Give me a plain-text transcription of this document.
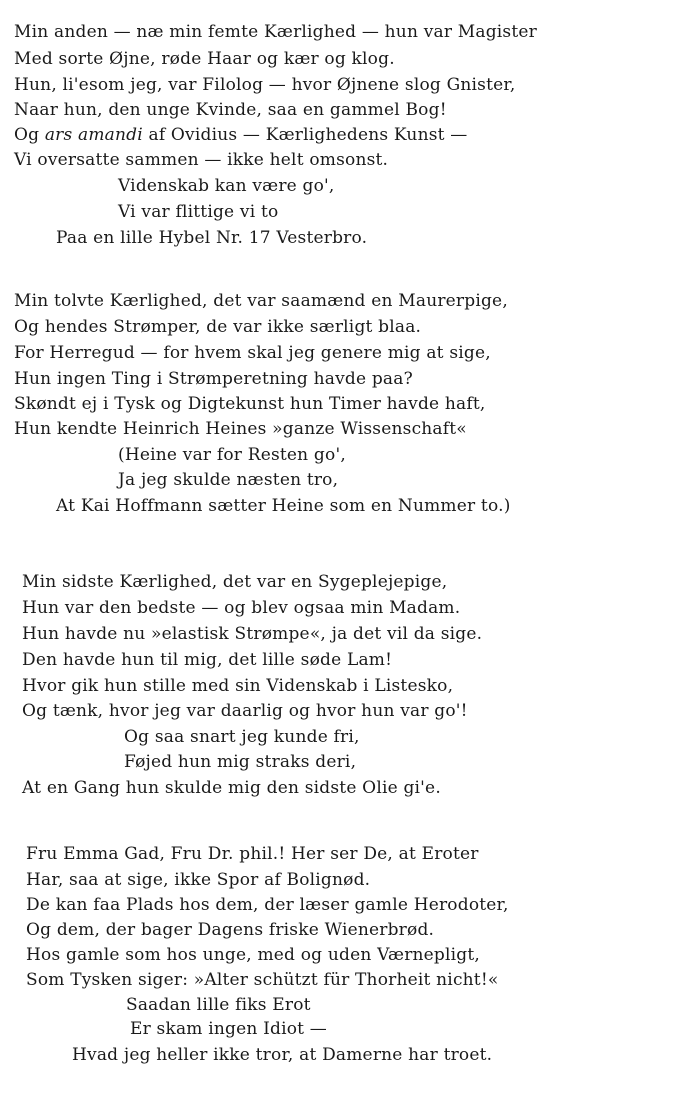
Min anden — næ min femte Kærlighed — hun var Magister
Med sorte Øjne, røde Haar og kær og klog.
Hun, li'esom jeg, var Filolog — hvor Øjnene slog Gnister,
Naar hun, den unge Kvinde, saa en gammel Bog!
Og ars amandi af Ovidius — Kærlighedens Kunst —
Vi oversatte sammen — ikke helt omsonst.
Videnskab kan være go',
Vi var flittige vi to
Paa en lille Hybel Nr. 17 Vesterbro.
Min tolvte Kærlighed, det var saamænd en Maurerpige,
Og hendes Strømper, de var ikke særligt blaa.
For Herregud — for hvem skal jeg genere mig at sige,
Hun ingen Ting i Strømperetning havde paa?
Skøndt ej i Tysk og Digtekunst hun Timer havde haft,
Hun kendte Heinrich Heines »ganze Wissenschaft«
(Heine var for Resten go',
Ja jeg skulde næsten tro,
At Kai Hoffmann sætter Heine som en Nummer to.)
Min sidste Kærlighed, det var en Sygeplejepige,
Hun var den bedste — og blev ogsaa min Madam.
Hun havde nu »elastisk Strømpe«, ja det vil da sige.
Den havde hun til mig, det lille søde Lam!
Hvor gik hun stille med sin Videnskab i Listesko,
Og tænk, hvor jeg var daarlig og hvor hun var go'!
Og saa snart jeg kunde fri,
Føjed hun mig straks deri,
At en Gang hun skulde mig den sidste Olie gi'e.
Fru Emma Gad, Fru Dr. phil.! Her ser De, at Eroter
Har, saa at sige, ikke Spor af Bolignød.
De kan faa Plads hos dem, der læser gamle Herodoter,
Og dem, der bager Dagens friske Wienerbrød.
Hos gamle som hos unge, med og uden Værnepligt,
Som Tysken siger: »Alter schützt für Thorheit nicht!«
Saadan lille fiks Erot
Er skam ingen Idiot —
Hvad jeg heller ikke tror, at Damerne har troet.
